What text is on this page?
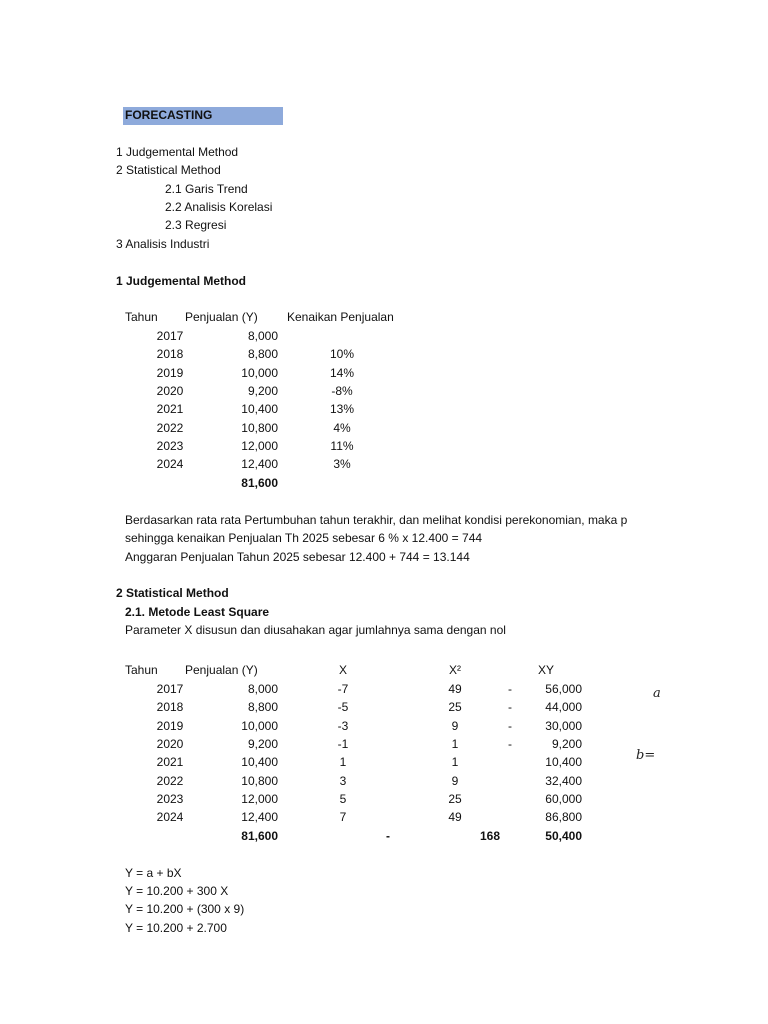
FORECASTING
1 Judgemental Method
2 Statistical Method
2.1 Garis Trend
2.2 Analisis Korelasi
2.3 Regresi
3 Analisis Industri
1 Judgemental Method
Tahun Penjualan (Y) Kenaikan Penjualan
2017	8,000
2018	8,800	10%
2019	10,000	14%
2020	9,200	-8%
2021	10,400	13%
2022	10,800	4%
2023	12,000	11%
2024	12,400	3%
81,600
Berdasarkan rata rata Pertumbuhan tahun terakhir, dan melihat kondisi perekonomian, maka p
sehingga kenaikan Penjualan Th 2025 sebesar 6 % x 12.400 = 744
Anggaran Penjualan Tahun 2025 sebesar 12.400 + 744 = 13.144
2 Statistical Method
2.1. Metode Least Square
Parameter X disusun dan diusahakan agar jumlahnya sama dengan nol
Tahun Penjualan (Y)	X	X²	XY
2017	8,000	-7	49	-	56,000
2018	8,800	-5	25	-	44,000
2019	10,000	-3	9	-	30,000
2020	9,200	-1	1	-	9,200
2021	10,400	1	1	10,400
2022	10,800	3	9	32,400
2023	12,000	5	25	60,000
2024	12,400	7	49	86,800
81,600	-	168	50,400
a
b=
Y = a + bX
Y = 10.200 + 300 X
Y = 10.200 + (300 x 9)
Y = 10.200 + 2.700
